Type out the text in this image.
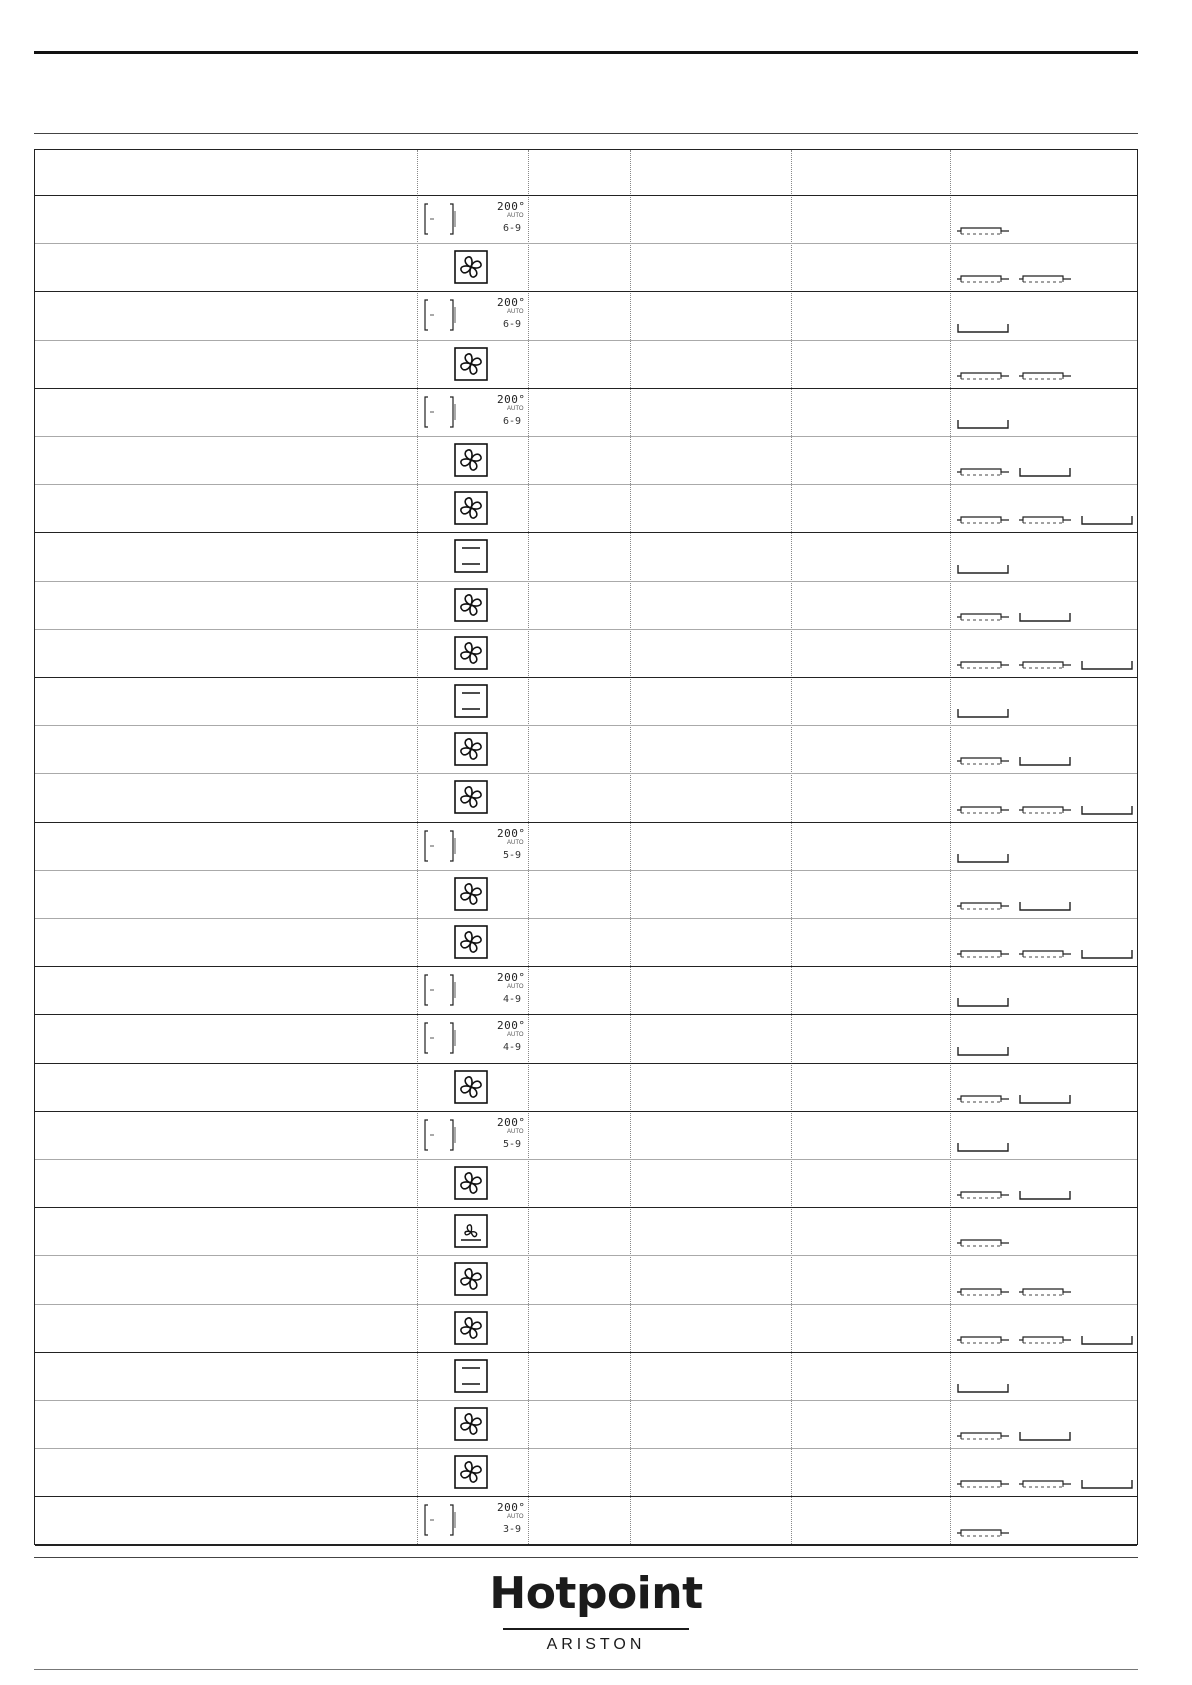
200°
AUTO
6-9
200°
AUTO
6-9
200°
AUTO
6-9
200°
AUTO
5-9
200°
AUTO
4-9
200°
AUTO
4-9
200°
AUTO
5-9
200°
AUTO
3-9
Hotpoint
ARISTON
